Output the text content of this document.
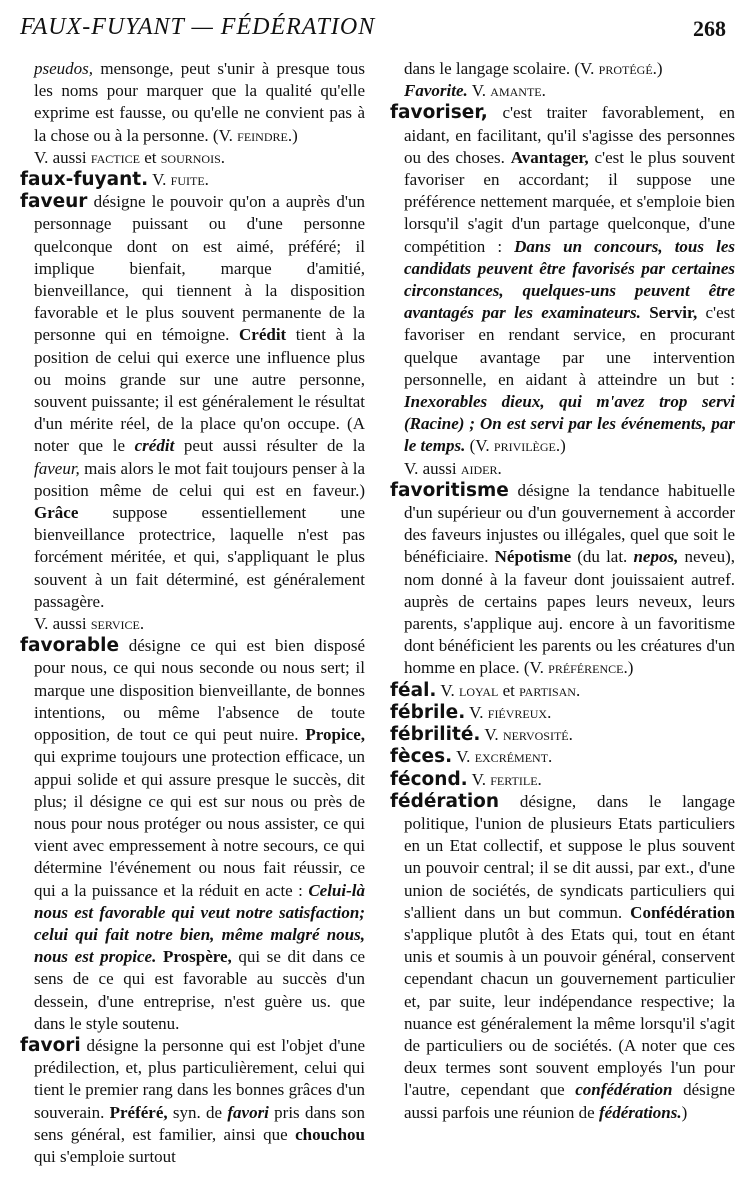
FAUX-FUYANT — FÉDÉRATION	268

pseudos, mensonge, peut s'unir à presque tous les noms pour marquer que la qualité qu'elle exprime est fausse, ou qu'elle ne convient pas à la chose ou à la personne. (V. feindre.)

V. aussi factice et sournois.

faux-fuyant. V. fuite.

faveur désigne le pouvoir qu'on a auprès d'un personnage puissant ou d'une personne quelconque dont on est aimé, préféré; il implique bienfait, marque d'amitié, bienveillance, qui tiennent à la disposition favorable et le plus souvent permanente de la personne qui en témoigne. Crédit tient à la position de celui qui exerce une influence plus ou moins grande sur une autre personne, souvent puissante; il est généralement le résultat d'un mérite réel, de la place qu'on occupe. (A noter que le crédit peut aussi résulter de la faveur, mais alors le mot fait toujours penser à la position même de celui qui est en faveur.) Grâce suppose essentiellement une bienveillance protectrice, laquelle n'est pas forcément méritée, et qui, s'appliquant le plus souvent à un fait déterminé, est généralement passagère.

V. aussi service.

favorable désigne ce qui est bien disposé pour nous, ce qui nous seconde ou nous sert; il marque une disposition bienveillante, de bonnes intentions, ou même l'absence de toute opposition, de tout ce qui peut nuire. Propice, qui exprime toujours une protection efficace, un appui solide et qui assure presque le succès, dit plus; il désigne ce qui est sur nous ou près de nous pour nous protéger ou nous assister, ce qui vient avec empressement à notre secours, ce qui détermine l'événement ou nous fait réussir, ce qui a la puissance et la réduit en acte : Celui-là nous est favorable qui veut notre satisfaction; celui qui fait notre bien, même malgré nous, nous est propice. Prospère, qui se dit dans ce sens de ce qui est favorable au succès d'un dessein, d'une entreprise, n'est guère us. que dans le style soutenu.

favori désigne la personne qui est l'objet d'une prédilection, et, plus particulièrement, celui qui tient le premier rang dans les bonnes grâces d'un souverain. Préféré, syn. de favori pris dans son sens général, est familier, ainsi que chouchou qui s'emploie surtout

dans le langage scolaire. (V. protégé.)

Favorite. V. amante.

favoriser, c'est traiter favorablement, en aidant, en facilitant, qu'il s'agisse des personnes ou des choses. Avantager, c'est le plus souvent favoriser en accordant; il suppose une préférence nettement marquée, et s'emploie bien lorsqu'il s'agit d'un partage quelconque, d'une compétition : Dans un concours, tous les candidats peuvent être favorisés par certaines circonstances, quelques-uns peuvent être avantagés par les examinateurs. Servir, c'est favoriser en rendant service, en procurant quelque avantage par une intervention personnelle, en aidant à atteindre un but : Inexorables dieux, qui m'avez trop servi (Racine) ; On est servi par les événements, par le temps. (V. privilège.)

V. aussi aider.

favoritisme désigne la tendance habituelle d'un supérieur ou d'un gouvernement à accorder des faveurs injustes ou illégales, quel que soit le bénéficiaire. Népotisme (du lat. nepos, neveu), nom donné à la faveur dont jouissaient autref. auprès de certains papes leurs neveux, leurs parents, s'applique auj. encore à un favoritisme dont bénéficient les parents ou les créatures d'un homme en place. (V. préférence.)

féal. V. loyal et partisan.

fébrile. V. fiévreux.

fébrilité. V. nervosité.

fèces. V. excrément.

fécond. V. fertile.

fédération désigne, dans le langage politique, l'union de plusieurs Etats particuliers en un Etat collectif, et suppose le plus souvent un pouvoir central; il se dit aussi, par ext., d'une union de sociétés, de syndicats particuliers qui s'allient dans un but commun. Confédération s'applique plutôt à des Etats qui, tout en étant unis et soumis à un pouvoir général, conservent cependant chacun un gouvernement particulier et, par suite, leur indépendance respective; la nuance est généralement la même lorsqu'il s'agit de particuliers ou de sociétés. (A noter que ces deux termes sont souvent employés l'un pour l'autre, cependant que confédération désigne aussi parfois une réunion de fédérations.)
